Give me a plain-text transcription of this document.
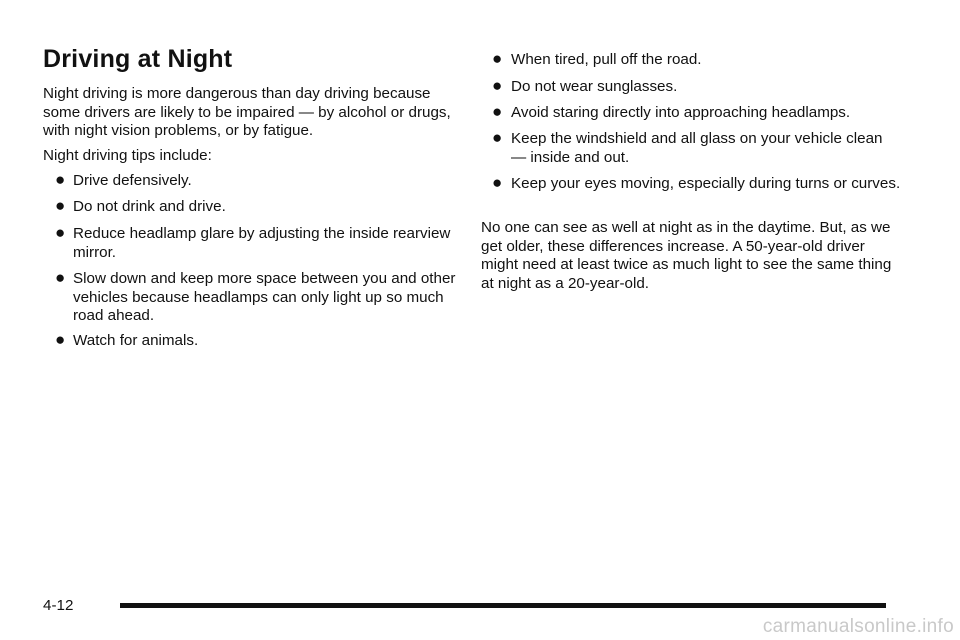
Driving at Night

Night driving is more dangerous than day driving because some drivers are likely to be impaired — by alcohol or drugs, with night vision problems, or by fatigue.

Night driving tips include:

● Drive defensively.
● Do not drink and drive.
● Reduce headlamp glare by adjusting the inside rearview mirror.
● Slow down and keep more space between you and other vehicles because headlamps can only light up so much road ahead.
● Watch for animals.
● When tired, pull off the road.
● Do not wear sunglasses.
● Avoid staring directly into approaching headlamps.
● Keep the windshield and all glass on your vehicle clean — inside and out.
● Keep your eyes moving, especially during turns or curves.

No one can see as well at night as in the daytime. But, as we get older, these differences increase. A 50-year-old driver might need at least twice as much light to see the same thing at night as a 20-year-old.

4-12
carmanualsonline.info
